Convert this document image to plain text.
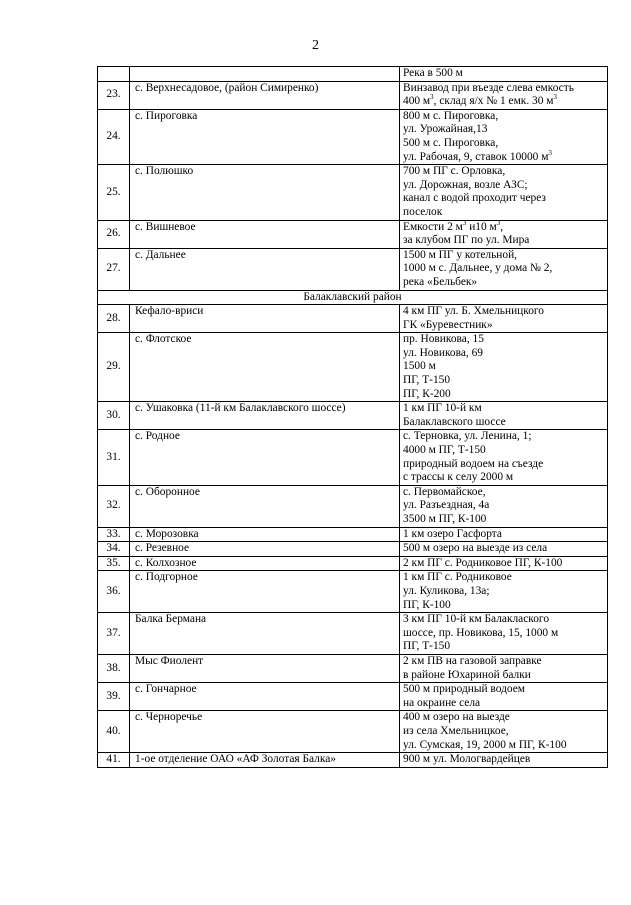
2

		Река в 500 м

23.	с. Верхнесадовое, (район Симиренко)	Винзавод при въезде слева емкость
400 $м^3$, склад я/х № 1 емк. 30 $м^3$

24.	с. Пироговка	800 м с. Пироговка,
ул. Урожайная,13
500 м с. Пироговка,
ул. Рабочая, 9, ставок 10000 $м^3$

25.	с. Полюшко	700 м ПГ с. Орловка,
ул. Дорожная, возле АЗС;
канал с водой проходит через
поселок

26.	с. Вишневое	Емкости 2 $м^3$ и10 $м^3$,
за клубом ПГ по ул. Мира

27.	с. Дальнее	1500 м ПГ у котельной,
1000 м с. Дальнее, у дома № 2,
река «Бельбек»

Балаклавский район		
28.	Кефало-вриси	4 км ПГ ул. Б. Хмельницкого
ГК «Буревестник»

29.	с. Флотское	пр. Новикова, 15
ул. Новикова, 69
1500 м
ПГ, Т-150
ПГ, К-200

30.	с. Ушаковка (11-й км Балаклавского шоссе)	1 км ПГ 10-й км
Балаклавского шоссе

31.	с. Родное	с. Терновка, ул. Ленина, 1;
4000 м ПГ, Т-150
природный водоем на съезде
с трассы к селу 2000 м

32.	с. Оборонное	с. Первомайское,
ул. Разъездная, 4а
3500 м ПГ, К-100

33.	с. Морозовка	1 км озеро Гасфорта

34.	с. Резевное	500 м озеро на выезде из села

35.	с. Колхозное	2 км ПГ с. Родниковое ПГ, К-100

36.	с. Подгорное	1 км ПГ с. Родниковое
ул. Куликова, 13а;
ПГ, К-100

37.	Балка Бермана	3 км ПГ 10-й км Балаклаского
шоссе, пр. Новикова, 15, 1000 м
ПГ, Т-150

38.	Мыс Фиолент	2 км ПВ на газовой заправке
в районе Юхариной балки

39.	с. Гончарное	500 м природный водоем
на окраине села

40.	с. Черноречье	400 м озеро на выезде
из села Хмельницкое,
ул. Сумская, 19, 2000 м ПГ, К-100

41.	1-ое отделение ОАО «АФ Золотая Балка»	900 м ул. Мологвардейцев
